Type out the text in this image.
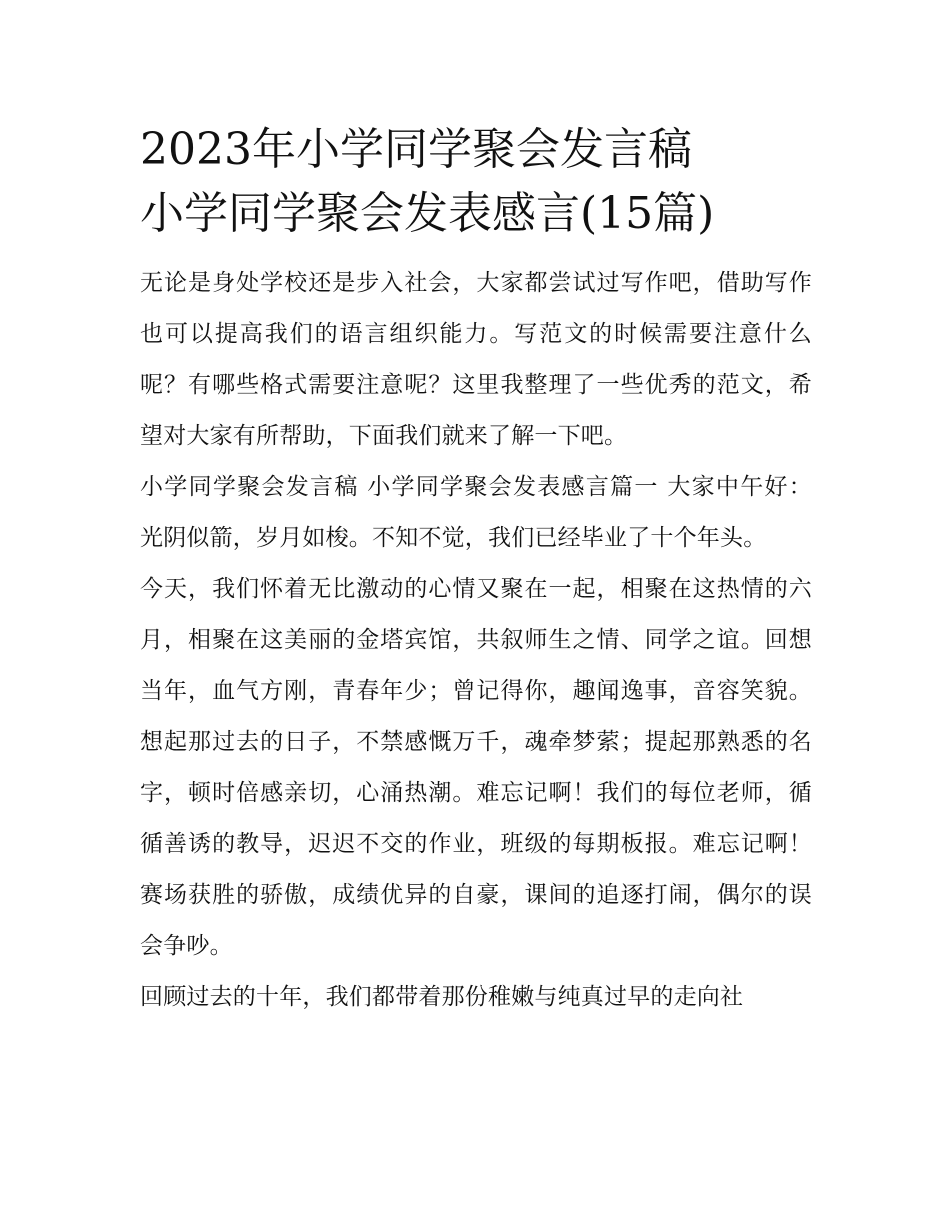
2023年小学同学聚会发言稿
小学同学聚会发表感言(15篇)

无论是身处学校还是步入社会，大家都尝试过写作吧，借助写作也可以提高我们的语言组织能力。写范文的时候需要注意什么呢？有哪些格式需要注意呢？这里我整理了一些优秀的范文，希望对大家有所帮助，下面我们就来了解一下吧。

小学同学聚会发言稿 小学同学聚会发表感言篇一 大家中午好： 光阴似箭，岁月如梭。不知不觉，我们已经毕业了十个年头。

今天，我们怀着无比激动的心情又聚在一起，相聚在这热情的六月，相聚在这美丽的金塔宾馆，共叙师生之情、同学之谊。回想当年，血气方刚，青春年少；曾记得你，趣闻逸事，音容笑貌。想起那过去的日子，不禁感慨万千，魂牵梦萦；提起那熟悉的名字，顿时倍感亲切，心涌热潮。难忘记啊！我们的每位老师，循循善诱的教导，迟迟不交的作业，班级的每期板报。难忘记啊！赛场获胜的骄傲，成绩优异的自豪，课间的追逐打闹，偶尔的误会争吵。

回顾过去的十年，我们都带着那份稚嫩与纯真过早的走向社
